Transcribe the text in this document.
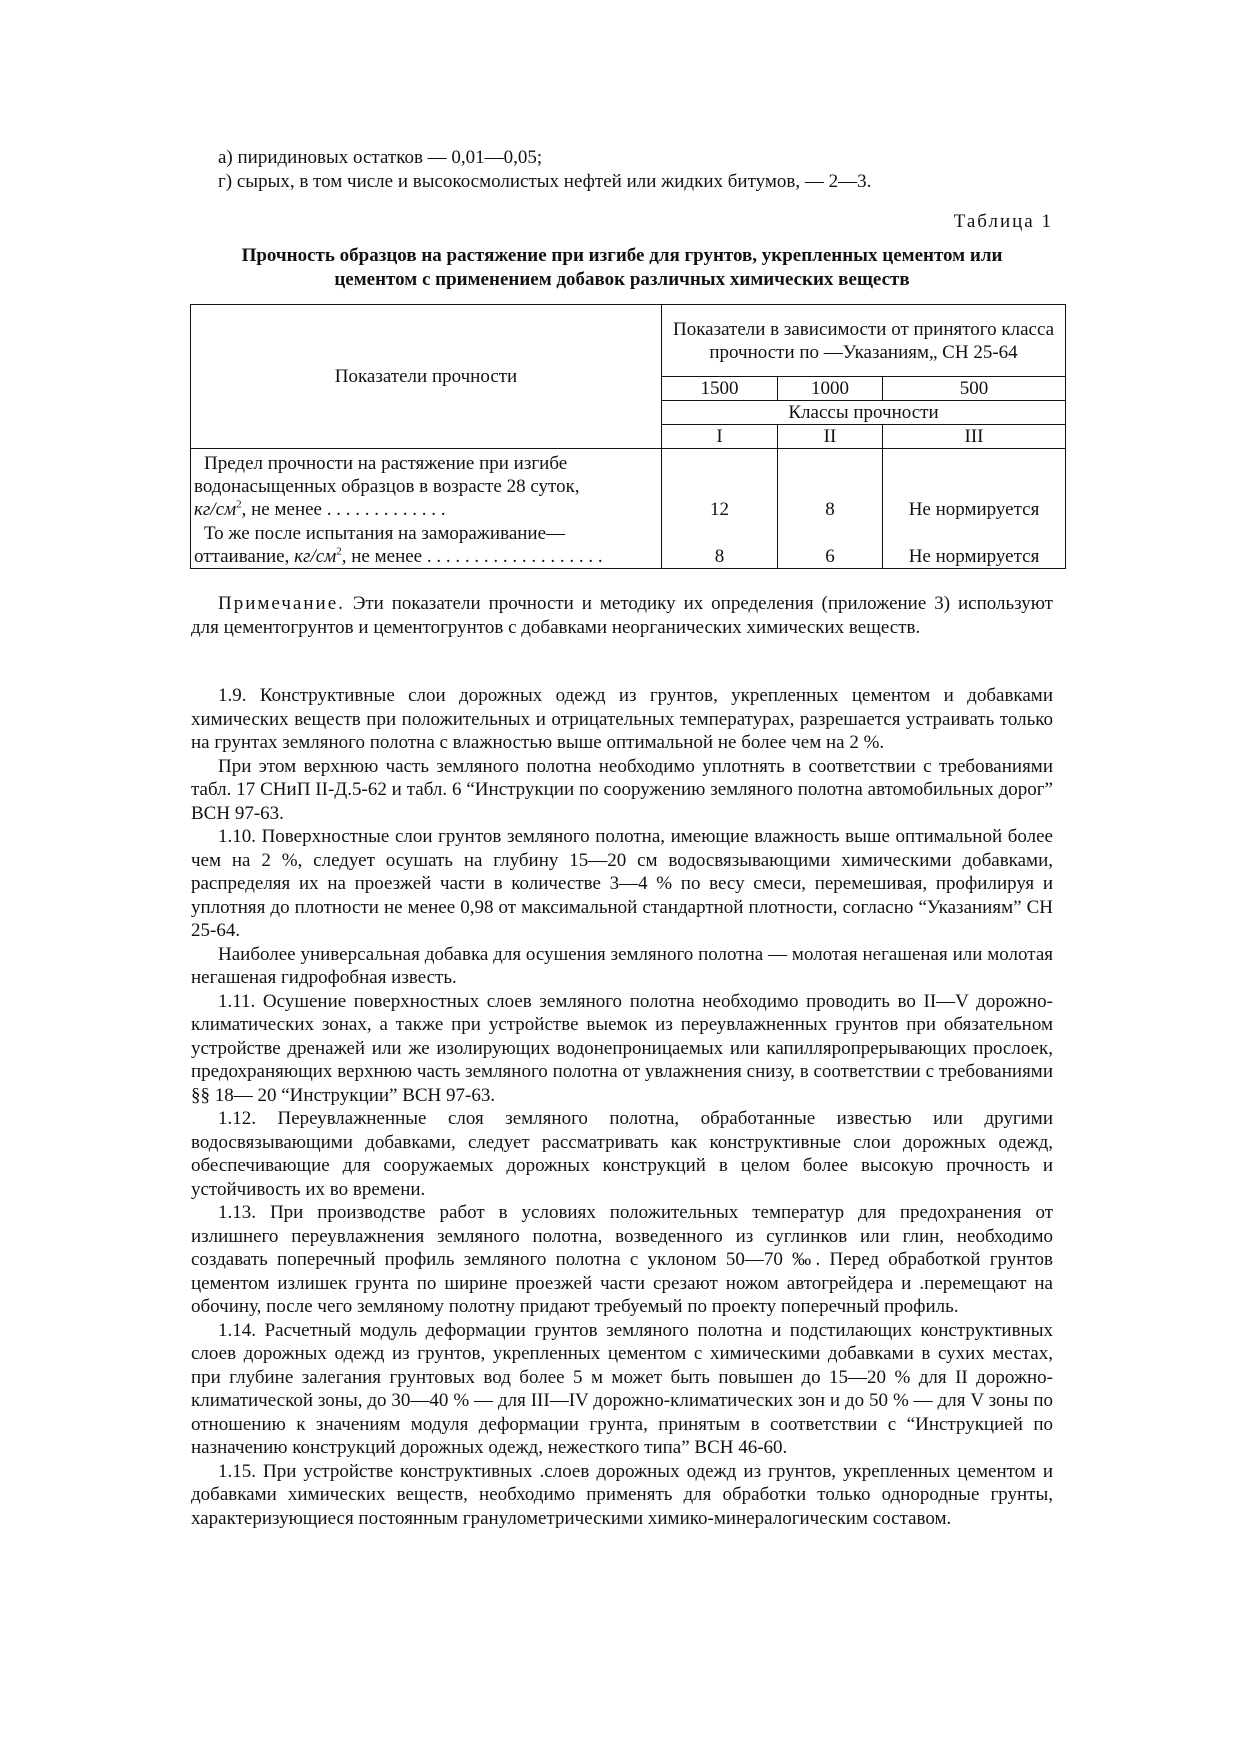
а) пиридиновых остатков — 0,01—0,05;

г) сырых, в том числе и высокосмолистых нефтей или жидких битумов, — 2—3.

Таблица 1
Прочность образцов на растяжение при изгибе для грунтов, укрепленных цементом или
цементом с применением добавок различных химических веществ
Показатели прочности	Показатели в зависимости от принятого класса прочности по —Указаниям„ СН 25-64		
	1500	1000	500
	Классы прочности		
	I	II	III

Предел прочности на растяжение при изгибе
водонасыщенных образцов в возрасте 28 суток,
$кг/см^2$, не менее . . . . . . . . . . . . .	12	8	Не нормируется

То же после испытания на замораживание—
оттаивание, $кг/см^2$, не менее . . . . . . . . . . . . . . . . . . .	8	6	Не нормируется
Примечание. Эти показатели прочности и методику их определения (приложение 3) используют для цементогрунтов и цементогрунтов с добавками неорганических химических веществ.

1.9. Конструктивные слои дорожных одежд из грунтов, укрепленных цементом и добавками химических веществ при положительных и отрицательных температурах, разрешается устраивать только на грунтах земляного полотна с влажностью выше оптимальной не более чем на 2 %.

При этом верхнюю часть земляного полотна необходимо уплотнять в соответствии с требованиями табл. 17 СНиП II-Д.5-62 и табл. 6 “Инструкции по сооружению земляного полотна автомобильных дорог” ВСН 97-63.

1.10. Поверхностные слои грунтов земляного полотна, имеющие влажность выше оптимальной более чем на 2 %, следует осушать на глубину 15—20 см водосвязывающими химическими добавками, распределяя их на проезжей части в количестве 3—4 % по весу смеси, перемешивая, профилируя и уплотняя до плотности не менее 0,98 от максимальной стандартной плотности, согласно “Указаниям” СН 25-64.

Наиболее универсальная добавка для осушения земляного полотна — молотая негашеная или молотая негашеная гидрофобная известь.

1.11. Осушение поверхностных слоев земляного полотна необходимо проводить во II—V дорожно-климатических зонах, а также при устройстве выемок из переувлажненных грунтов при обязательном устройстве дренажей или же изолирующих водонепроницаемых или капилляропрерывающих прослоек, предохраняющих верхнюю часть земляного полотна от увлажнения снизу, в соответствии с требованиями §§ 18— 20 “Инструкции” ВСН 97-63.

1.12. Переувлажненные слоя земляного полотна, обработанные известью или другими водосвязывающими добавками, следует рассматривать как конструктивные слои дорожных одежд, обеспечивающие для сооружаемых дорожных конструкций в целом более высокую прочность и устойчивость их во времени.

1.13. При производстве работ в условиях положительных температур для предохранения от излишнего переувлажнения земляного полотна, возведенного из суглинков или глин, необходимо создавать поперечный профиль земляного полотна с уклоном 50—70 ‰. Перед обработкой грунтов цементом излишек грунта по ширине проезжей части срезают ножом автогрейдера и .перемещают на обочину, после чего земляному полотну придают требуемый по проекту поперечный профиль.

1.14. Расчетный модуль деформации грунтов земляного полотна и подстилающих конструктивных слоев дорожных одежд из грунтов, укрепленных цементом с химическими добавками в сухих местах, при глубине залегания грунтовых вод более 5 м может быть повышен до 15—20 % для II дорожно-климатической зоны, до 30—40 % — для III—IV дорожно-климатических зон и до 50 % — для V зоны по отношению к значениям модуля деформации грунта, принятым в соответствии с “Инструкцией по назначению конструкций дорожных одежд, нежесткого типа” ВСН 46-60.

1.15. При устройстве конструктивных .слоев дорожных одежд из грунтов, укрепленных цементом и добавками химических веществ, необходимо применять для обработки только однородные грунты, характеризующиеся постоянным гранулометрическими химико-минералогическим составом.
